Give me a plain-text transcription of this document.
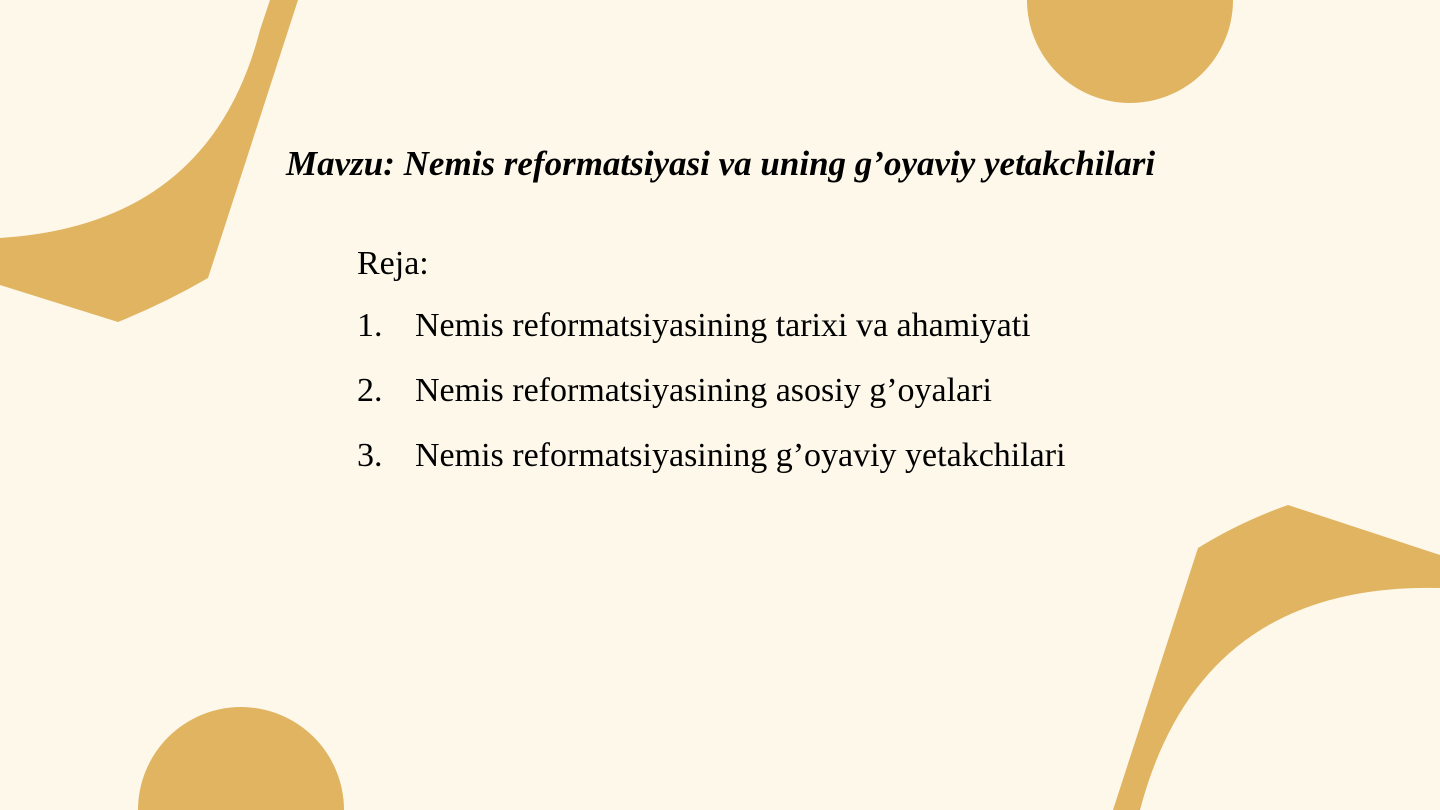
Mavzu: Nemis reformatsiyasi va uning g’oyaviy yetakchilari
Reja:
1. Nemis reformatsiyasining tarixi va ahamiyati
2. Nemis reformatsiyasining asosiy g’oyalari
3. Nemis reformatsiyasining g’oyaviy yetakchilari
